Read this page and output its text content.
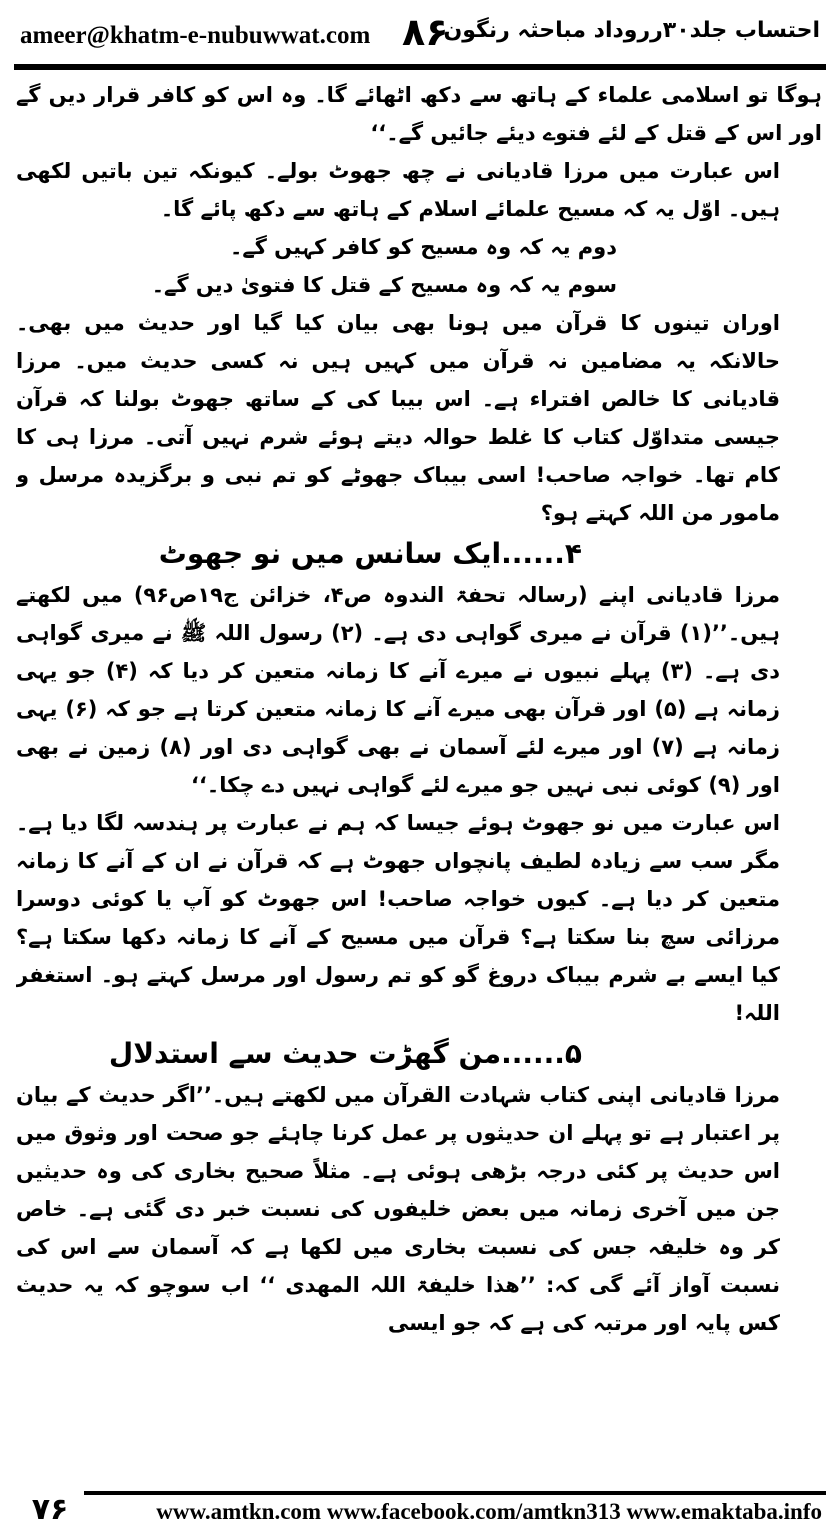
ameer@khatm-e-nubuwwat.com ۸۶
احتساب جلد۳۰رروداد مباحثہ رنگون

ہوگا تو اسلامی علماء کے ہاتھ سے دکھ اٹھائے گا۔ وہ اس کو کافر قرار دیں گے اور اس کے قتل کے لئے فتوے دیئے جائیں گے۔‘‘

اس عبارت میں مرزا قادیانی نے چھ جھوٹ بولے۔ کیونکہ تین باتیں لکھی ہیں۔ اوّل یہ کہ مسیح علمائے اسلام کے ہاتھ سے دکھ پائے گا۔

دوم یہ کہ وہ مسیح کو کافر کہیں گے۔

سوم یہ کہ وہ مسیح کے قتل کا فتویٰ دیں گے۔

اوران تینوں کا قرآن میں ہونا بھی بیان کیا گیا اور حدیث میں بھی۔ حالانکہ یہ مضامین نہ قرآن میں کہیں ہیں نہ کسی حدیث میں۔ مرزا قادیانی کا خالص افتراء ہے۔ اس بیبا کی کے ساتھ جھوٹ بولنا کہ قرآن جیسی متداوّل کتاب کا غلط حوالہ دیتے ہوئے شرم نہیں آتی۔ مرزا ہی کا کام تھا۔ خواجہ صاحب! اسی بیباک جھوٹے کو تم نبی و برگزیدہ مرسل و مامور من اللہ کہتے ہو؟

۴......ایک سانس میں نو جھوٹ

مرزا قادیانی اپنے (رسالہ تحفۃ الندوہ ص۴، خزائن ج۱۹ص۹۶) میں لکھتے ہیں۔’’(۱) قرآن نے میری گواہی دی ہے۔ (۲) رسول اللہ ﷺ نے میری گواہی دی ہے۔ (۳) پہلے نبیوں نے میرے آنے کا زمانہ متعین کر دیا کہ (۴) جو یہی زمانہ ہے (۵) اور قرآن بھی میرے آنے کا زمانہ متعین کرتا ہے جو کہ (۶) یہی زمانہ ہے (۷) اور میرے لئے آسمان نے بھی گواہی دی اور (۸) زمین نے بھی اور (۹) کوئی نبی نہیں جو میرے لئے گواہی نہیں دے چکا۔‘‘

اس عبارت میں نو جھوٹ ہوئے جیسا کہ ہم نے عبارت پر ہندسہ لگا دیا ہے۔ مگر سب سے زیادہ لطیف پانچواں جھوٹ ہے کہ قرآن نے ان کے آنے کا زمانہ متعین کر دیا ہے۔ کیوں خواجہ صاحب! اس جھوٹ کو آپ یا کوئی دوسرا مرزائی سچ بنا سکتا ہے؟ قرآن میں مسیح کے آنے کا زمانہ دکھا سکتا ہے؟ کیا ایسے بے شرم بیباک دروغ گو کو تم رسول اور مرسل کہتے ہو۔ استغفر اللہ!

۵......من گھڑت حدیث سے استدلال

مرزا قادیانی اپنی کتاب شہادت القرآن میں لکھتے ہیں۔’’اگر حدیث کے بیان پر اعتبار ہے تو پہلے ان حدیثوں پر عمل کرنا چاہئے جو صحت اور وثوق میں اس حدیث پر کئی درجہ بڑھی ہوئی ہے۔ مثلاً صحیح بخاری کی وہ حدیثیں جن میں آخری زمانہ میں بعض خلیفوں کی نسبت خبر دی گئی ہے۔ خاص کر وہ خلیفہ جس کی نسبت بخاری میں لکھا ہے کہ آسمان سے اس کی نسبت آواز آئے گی کہ: ’’ھذا خلیفۃ اللہ المھدی ‘‘ اب سوچو کہ یہ حدیث کس پایہ اور مرتبہ کی ہے کہ جو ایسی

۷۶	www.amtkn.com www.facebook.com/amtkn313 www.emaktaba.info
